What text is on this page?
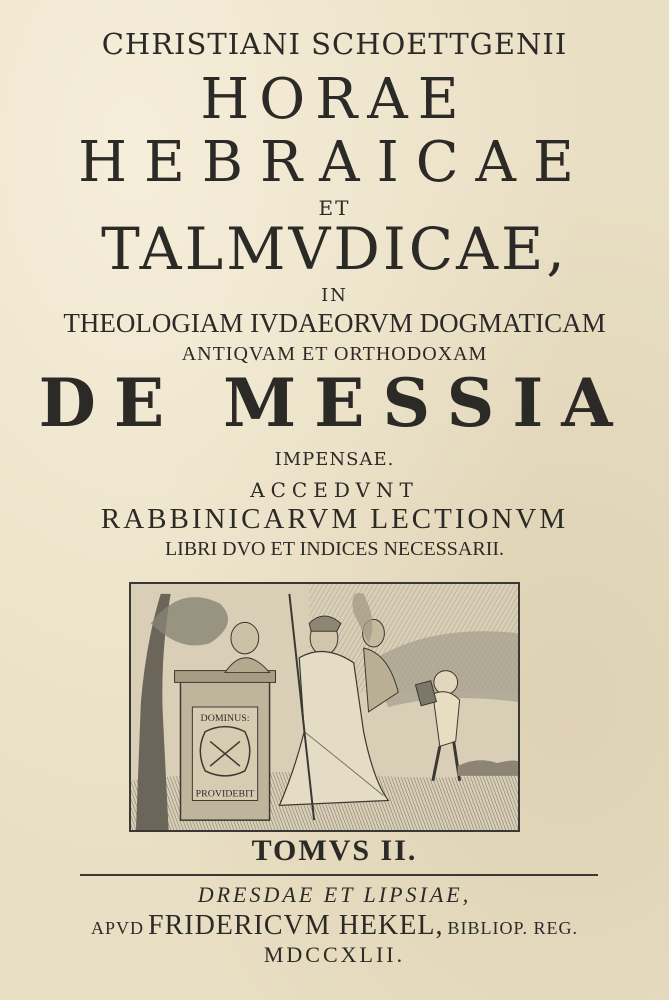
CHRISTIANI SCHOETTGENII

HORAE

HEBRAICAE

ET

TALMVDICAE,

IN

THEOLOGIAM IVDAEORVM DOGMATICAM

ANTIQVAM ET ORTHODOXAM

DE MESSIA

IMPENSAE.

ACCEDVNT

RABBINICARVM LECTIONVM

LIBRI DVO ET INDICES NECESSARII.

DOMINUS:
PROVIDEBIT

TOMVS II.

DRESDAE ET LIPSIAE,

APVD FRIDERICVM HEKEL, BIBLIOP. REG.

MDCCXLII.
